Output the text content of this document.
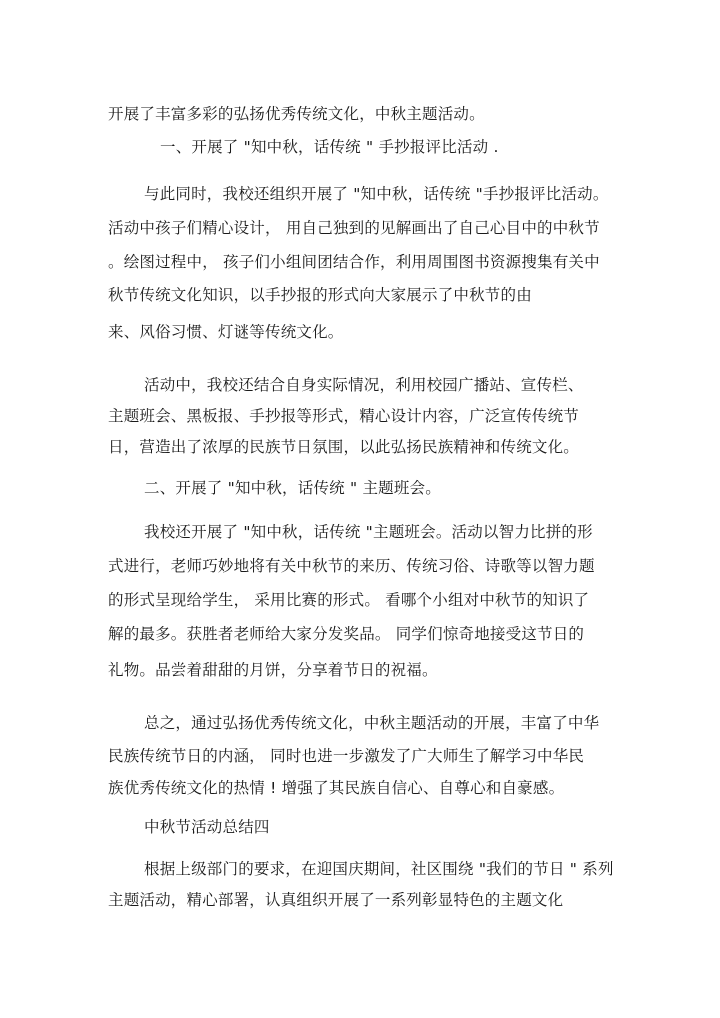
开展了丰富多彩的弘扬优秀传统文化，中秋主题活动。
一、开展了 "知中秋，话传统 " 手抄报评比活动 .
与此同时，我校还组织开展了 "知中秋，话传统 "手抄报评比活动。
活动中孩子们精心设计， 用自己独到的见解画出了自己心目中的中秋节
。绘图过程中， 孩子们小组间团结合作，利用周围图书资源搜集有关中
秋节传统文化知识，以手抄报的形式向大家展示了中秋节的由
来、风俗习惯、灯谜等传统文化。
活动中，我校还结合自身实际情况，利用校园广播站、宣传栏、
主题班会、黑板报、手抄报等形式，精心设计内容，广泛宣传传统节
日，营造出了浓厚的民族节日氛围，以此弘扬民族精神和传统文化。
二、开展了 "知中秋，话传统 " 主题班会。
我校还开展了 "知中秋，话传统 "主题班会。活动以智力比拼的形
式进行，老师巧妙地将有关中秋节的来历、传统习俗、诗歌等以智力题
的形式呈现给学生， 采用比赛的形式。 看哪个小组对中秋节的知识了
解的最多。获胜者老师给大家分发奖品。 同学们惊奇地接受这节日的
礼物。品尝着甜甜的月饼，分享着节日的祝福。
总之，通过弘扬优秀传统文化，中秋主题活动的开展，丰富了中华
民族传统节日的内涵， 同时也进一步激发了广大师生了解学习中华民
族优秀传统文化的热情 ! 增强了其民族自信心、自尊心和自豪感。
中秋节活动总结四
根据上级部门的要求，在迎国庆期间，社区围绕 "我们的节日 " 系列
主题活动，精心部署，认真组织开展了一系列彰显特色的主题文化
